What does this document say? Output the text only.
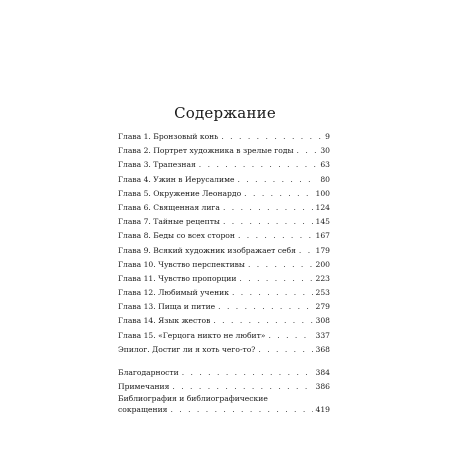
Содержание
Глава 1. Бронзовый конь . . .	9
Глава 2. Портрет художника в зрелые годы . . .	30
Глава 3. Трапезная . . .	63
Глава 4. Ужин в Иерусалиме . . .	80
Глава 5. Окружение Леонардо . . .	100
Глава 6. Священная лига . . .	124
Глава 7. Тайные рецепты . . .	145
Глава 8. Беды со всех сторон . . .	167
Глава 9. Всякий художник изображает себя . . .	179
Глава 10. Чувство перспективы . . .	200
Глава 11. Чувство пропорции . . .	223
Глава 12. Любимый ученик . . .	253
Глава 13. Пища и питие . . .	279
Глава 14. Язык жестов . . .	308
Глава 15. «Герцога никто не любит» . . .	337
Эпилог. Достиг ли я хоть чего-то? . . .	368
Благодарности . . .	384
Примечания . . .	386
Библиография и библиографические
сокращения . . .	419
